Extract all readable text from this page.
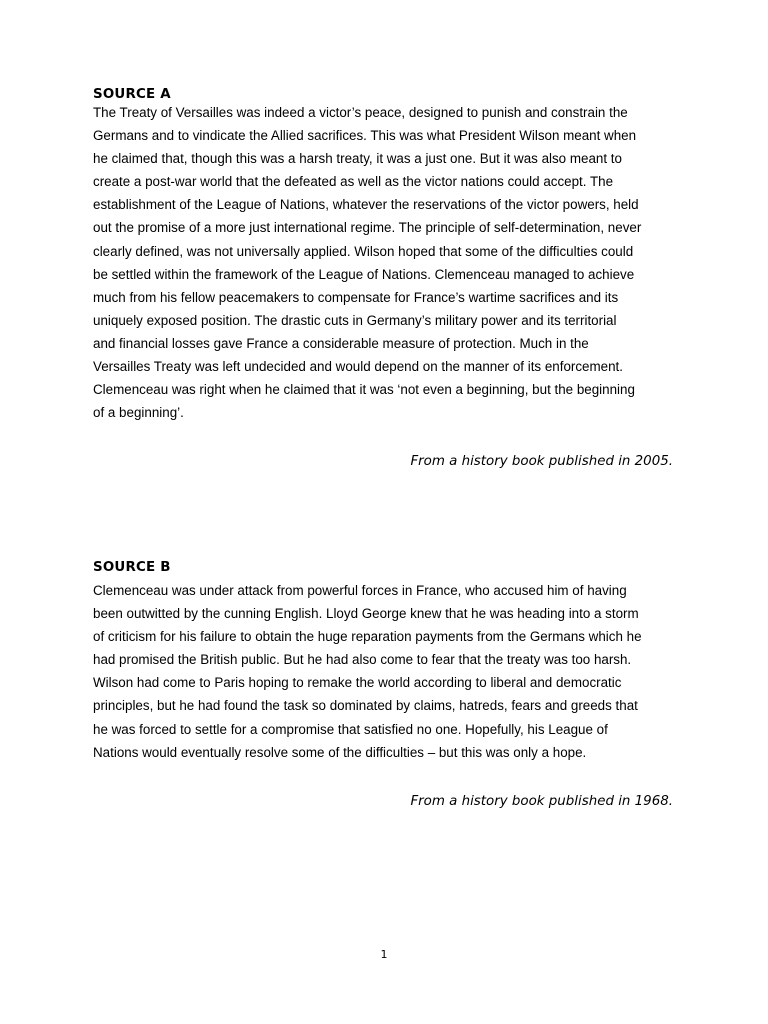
SOURCE A
The Treaty of Versailles was indeed a victor’s peace, designed to punish and constrain the
Germans and to vindicate the Allied sacrifices. This was what President Wilson meant when
he claimed that, though this was a harsh treaty, it was a just one. But it was also meant to
create a post-war world that the defeated as well as the victor nations could accept. The
establishment of the League of Nations, whatever the reservations of the victor powers, held
out the promise of a more just international regime. The principle of self-determination, never
clearly defined, was not universally applied. Wilson hoped that some of the difficulties could
be settled within the framework of the League of Nations. Clemenceau managed to achieve
much from his fellow peacemakers to compensate for France’s wartime sacrifices and its
uniquely exposed position. The drastic cuts in Germany’s military power and its territorial
and financial losses gave France a considerable measure of protection. Much in the
Versailles Treaty was left undecided and would depend on the manner of its enforcement.
Clemenceau was right when he claimed that it was ‘not even a beginning, but the beginning
of a beginning’.
From a history book published in 2005.
SOURCE B
Clemenceau was under attack from powerful forces in France, who accused him of having
been outwitted by the cunning English. Lloyd George knew that he was heading into a storm
of criticism for his failure to obtain the huge reparation payments from the Germans which he
had promised the British public. But he had also come to fear that the treaty was too harsh.
Wilson had come to Paris hoping to remake the world according to liberal and democratic
principles, but he had found the task so dominated by claims, hatreds, fears and greeds that
he was forced to settle for a compromise that satisfied no one. Hopefully, his League of
Nations would eventually resolve some of the difficulties – but this was only a hope.
From a history book published in 1968.
1
